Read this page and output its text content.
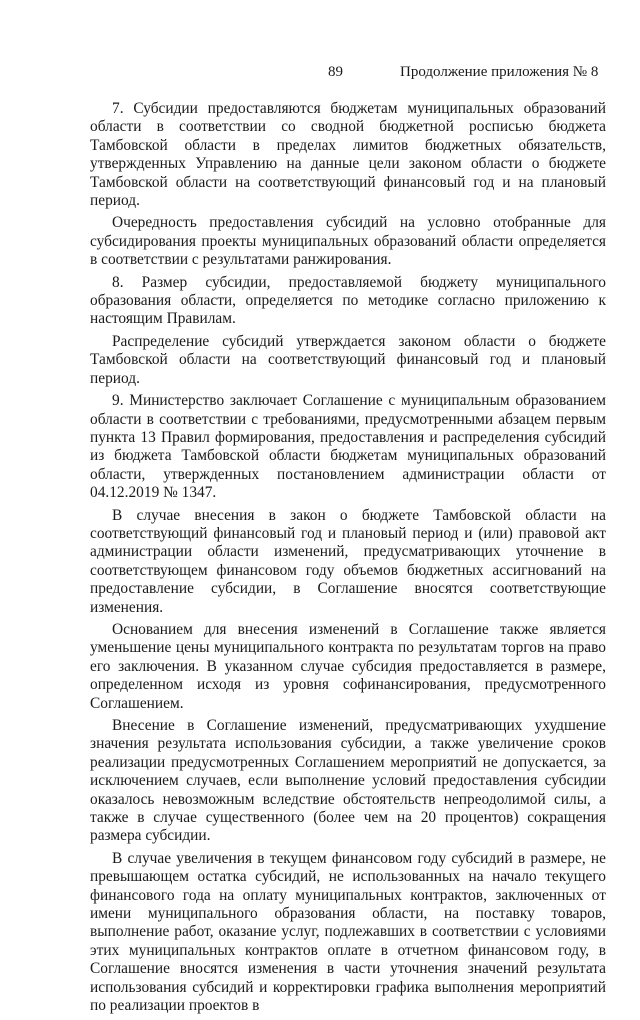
89	Продолжение приложения № 8

7. Субсидии предоставляются бюджетам муниципальных образований области в соответствии со сводной бюджетной росписью бюджета Тамбовской области в пределах лимитов бюджетных обязательств, утвержденных Управлению на данные цели законом области о бюджете Тамбовской области на соответствующий финансовый год и на плановый период.

Очередность предоставления субсидий на условно отобранные для субсидирования проекты муниципальных образований области определяется в соответствии с результатами ранжирования.

8. Размер субсидии, предоставляемой бюджету муниципального образования области, определяется по методике согласно приложению к настоящим Правилам.

Распределение субсидий утверждается законом области о бюджете Тамбовской области на соответствующий финансовый год и плановый период.

9. Министерство заключает Соглашение с муниципальным образованием области в соответствии с требованиями, предусмотренными абзацем первым пункта 13 Правил формирования, предоставления и распределения субсидий из бюджета Тамбовской области бюджетам муниципальных образований области, утвержденных постановлением администрации области от 04.12.2019 № 1347.

В случае внесения в закон о бюджете Тамбовской области на соответствующий финансовый год и плановый период и (или) правовой акт администрации области изменений, предусматривающих уточнение в соответствующем финансовом году объемов бюджетных ассигнований на предоставление субсидии, в Соглашение вносятся соответствующие изменения.

Основанием для внесения изменений в Соглашение также является уменьшение цены муниципального контракта по результатам торгов на право его заключения. В указанном случае субсидия предоставляется в размере, определенном исходя из уровня софинансирования, предусмотренного Соглашением.

Внесение в Соглашение изменений, предусматривающих ухудшение значения результата использования субсидии, а также увеличение сроков реализации предусмотренных Соглашением мероприятий не допускается, за исключением случаев, если выполнение условий предоставления субсидии оказалось невозможным вследствие обстоятельств непреодолимой силы, а также в случае существенного (более чем на 20 процентов) сокращения размера субсидии.

В случае увеличения в текущем финансовом году субсидий в размере, не превышающем остатка субсидий, не использованных на начало текущего финансового года на оплату муниципальных контрактов, заключенных от имени муниципального образования области, на поставку товаров, выполнение работ, оказание услуг, подлежавших в соответствии с условиями этих муниципальных контрактов оплате в отчетном финансовом году, в Соглашение вносятся изменения в части уточнения значений результата использования субсидий и корректировки графика выполнения мероприятий по реализации проектов в
